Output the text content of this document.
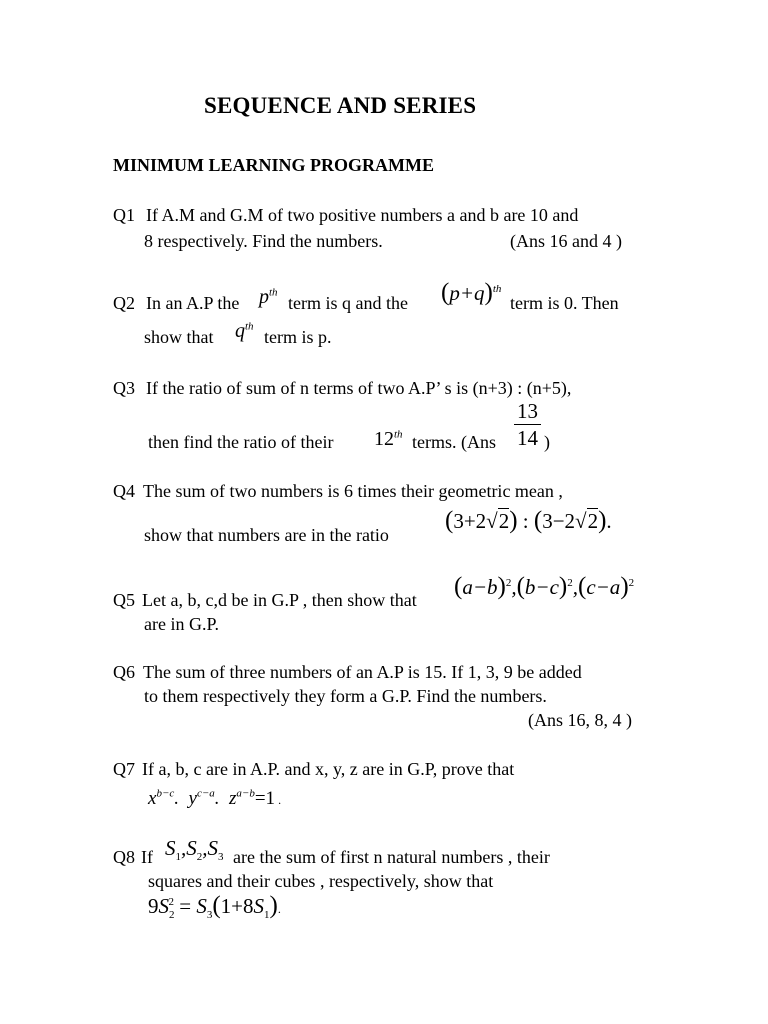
SEQUENCE AND SERIES
MINIMUM LEARNING PROGRAMME
Q1 If A.M and G.M of two positive numbers a and b are 10 and
8 respectively. Find the numbers.	(Ans 16 and 4 )
Q2 In an A.P the $p^{th}$
term is q and the $(p+q)^{th}$
term is 0. Then
show that $q^{th}$
term is p.
Q3 If the ratio of sum of n terms of two A.P’ s is (n+3) : (n+5),
then find the ratio of their 12th terms. ($Ans \frac{13}{14}$ )
Q4 The sum of two numbers is 6 times their geometric mean ,
show that numbers are in the ratio
(3+2√2) : (3−2√2).
Q5 Let a, b, c,d be in G.P , then show that $(a-b)^2,(b-c)^2,(c-a)^2$
are in G.P.
Q6 The sum of three numbers of an A.P is 15. If 1, 3, 9 be added
to them respectively they form a G.P. Find the numbers.
(Ans 16, 8, 4 )
Q7 If a, b, c are in A.P. and x, y, z are in G.P, prove that
$x^{b-c}$.  $y^{c-a}$.  $z^{a-b}=1$ .
Q8 If $S_1,S_2,S_3$ are the sum of first n natural numbers , their
squares and their cubes , respectively, show that
$9S_2^2 = S_3(1+8S_1)$.
